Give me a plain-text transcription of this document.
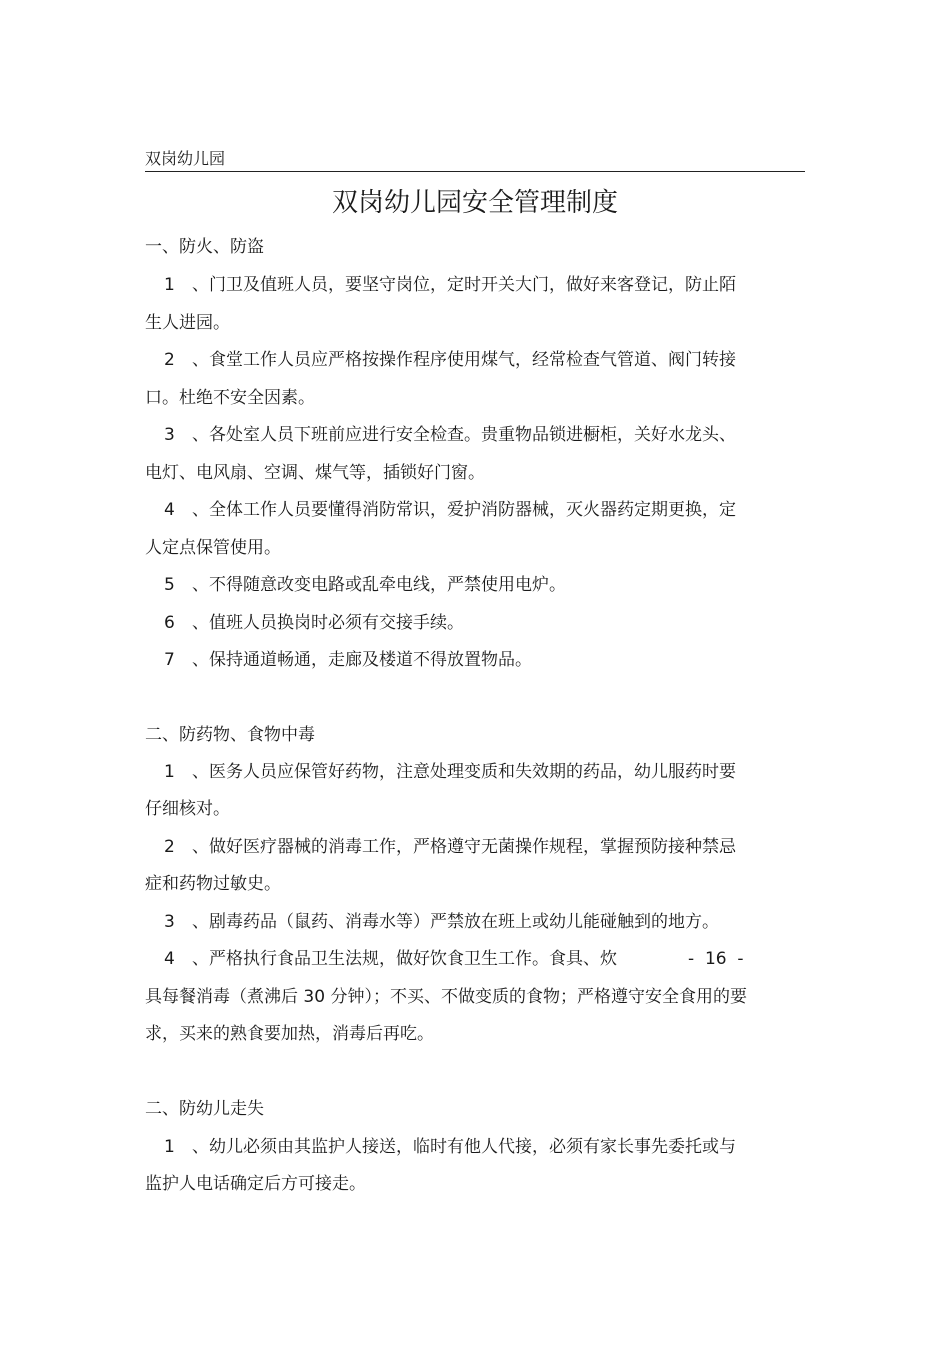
双岗幼儿园
双岗幼儿园安全管理制度
一、防火、防盗
1 、门卫及值班人员，要坚守岗位，定时开关大门，做好来客登记，防止陌
生人进园。
2 、食堂工作人员应严格按操作程序使用煤气，经常检查气管道、阀门转接
口。杜绝不安全因素。
3 、各处室人员下班前应进行安全检查。贵重物品锁进橱柜，关好水龙头、
电灯、电风扇、空调、煤气等，插锁好门窗。
4 、全体工作人员要懂得消防常识，爱护消防器械，灭火器药定期更换，定
人定点保管使用。
5 、不得随意改变电路或乱牵电线，严禁使用电炉。
6 、值班人员换岗时必须有交接手续。
7 、保持通道畅通，走廊及楼道不得放置物品。
二、防药物、食物中毒
1 、医务人员应保管好药物，注意处理变质和失效期的药品，幼儿服药时要
仔细核对。
2 、做好医疗器械的消毒工作，严格遵守无菌操作规程，掌握预防接种禁忌
症和药物过敏史。
3 、剧毒药品（鼠药、消毒水等）严禁放在班上或幼儿能碰触到的地方。
4 、严格执行食品卫生法规，做好饮食卫生工作。食具、炊	-  16  -
具每餐消毒（煮沸后 30 分钟）；不买、不做变质的食物；严格遵守安全食用的要
求，买来的熟食要加热，消毒后再吃。
二、防幼儿走失
1 、幼儿必须由其监护人接送，临时有他人代接，必须有家长事先委托或与
监护人电话确定后方可接走。
